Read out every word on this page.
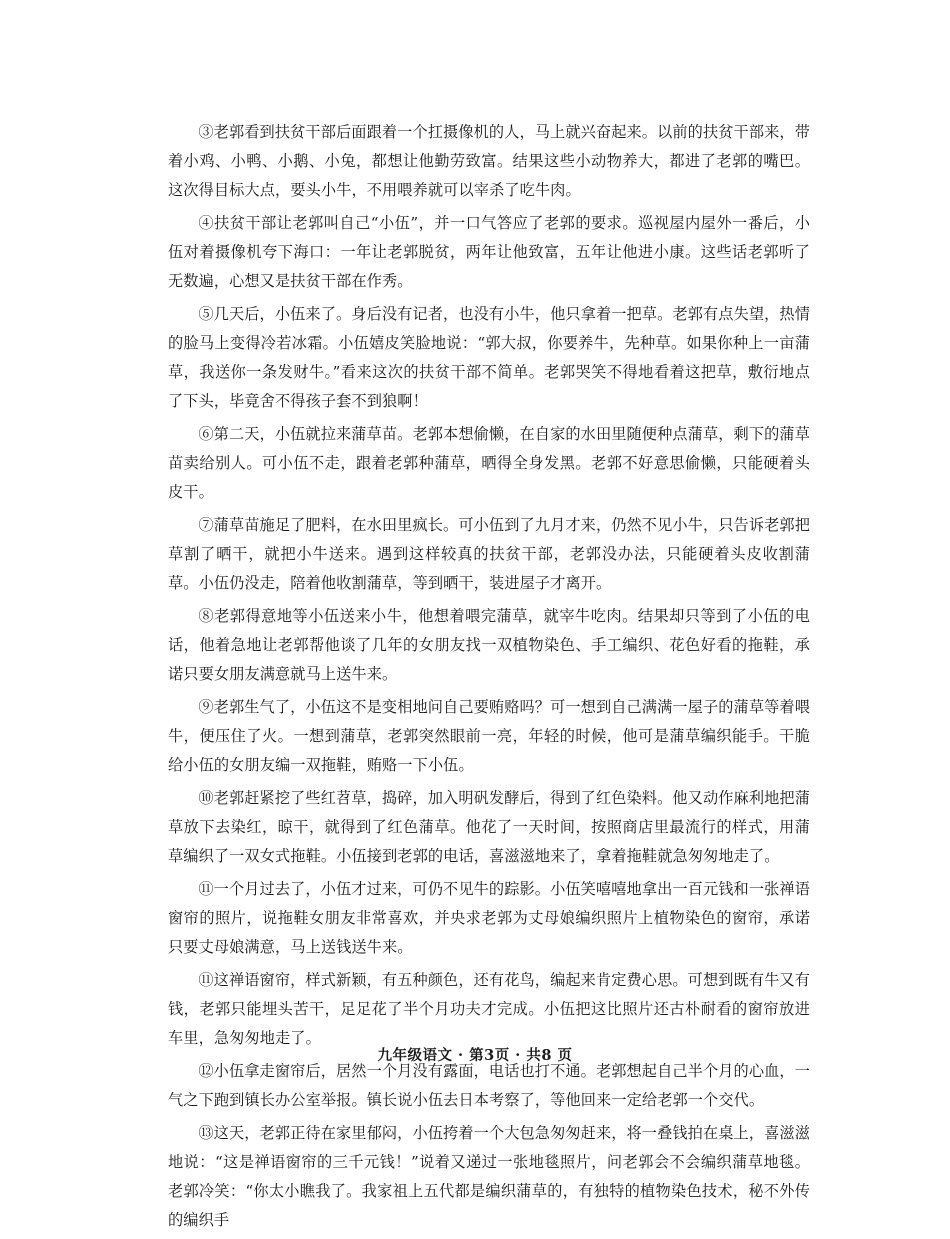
③老郭看到扶贫干部后面跟着一个扛摄像机的人，马上就兴奋起来。以前的扶贫干部来，带着小鸡、小鸭、小鹅、小兔，都想让他勤劳致富。结果这些小动物养大，都进了老郭的嘴巴。这次得目标大点，要头小牛，不用喂养就可以宰杀了吃牛肉。

④扶贫干部让老郭叫自己“小伍”，并一口气答应了老郭的要求。巡视屋内屋外一番后，小伍对着摄像机夸下海口：一年让老郭脱贫，两年让他致富，五年让他进小康。这些话老郭听了无数遍，心想又是扶贫干部在作秀。

⑤几天后，小伍来了。身后没有记者，也没有小牛，他只拿着一把草。老郭有点失望，热情的脸马上变得冷若冰霜。小伍嬉皮笑脸地说：“郭大叔，你要养牛，先种草。如果你种上一亩蒲草，我送你一条发财牛。”看来这次的扶贫干部不简单。老郭哭笑不得地看着这把草，敷衍地点了下头，毕竟舍不得孩子套不到狼啊！

⑥第二天，小伍就拉来蒲草苗。老郭本想偷懒，在自家的水田里随便种点蒲草，剩下的蒲草苗卖给别人。可小伍不走，跟着老郭种蒲草，晒得全身发黑。老郭不好意思偷懒，只能硬着头皮干。

⑦蒲草苗施足了肥料，在水田里疯长。可小伍到了九月才来，仍然不见小牛，只告诉老郭把草割了晒干，就把小牛送来。遇到这样较真的扶贫干部，老郭没办法，只能硬着头皮收割蒲草。小伍仍没走，陪着他收割蒲草，等到晒干，装进屋子才离开。

⑧老郭得意地等小伍送来小牛，他想着喂完蒲草，就宰牛吃肉。结果却只等到了小伍的电话，他着急地让老郭帮他谈了几年的女朋友找一双植物染色、手工编织、花色好看的拖鞋，承诺只要女朋友满意就马上送牛来。

⑨老郭生气了，小伍这不是变相地问自己要贿赂吗？可一想到自己满满一屋子的蒲草等着喂牛，便压住了火。一想到蒲草，老郭突然眼前一亮，年轻的时候，他可是蒲草编织能手。干脆给小伍的女朋友编一双拖鞋，贿赂一下小伍。

⑩老郭赶紧挖了些红苕草，捣碎，加入明矾发酵后，得到了红色染料。他又动作麻利地把蒲草放下去染红，晾干，就得到了红色蒲草。他花了一天时间，按照商店里最流行的样式，用蒲草编织了一双女式拖鞋。小伍接到老郭的电话，喜滋滋地来了，拿着拖鞋就急匆匆地走了。

⑪一个月过去了，小伍才过来，可仍不见牛的踪影。小伍笑嘻嘻地拿出一百元钱和一张禅语窗帘的照片，说拖鞋女朋友非常喜欢，并央求老郭为丈母娘编织照片上植物染色的窗帘，承诺只要丈母娘满意，马上送钱送牛来。

⑪这禅语窗帘，样式新颖，有五种颜色，还有花鸟，编起来肯定费心思。可想到既有牛又有钱，老郭只能埋头苦干，足足花了半个月功夫才完成。小伍把这比照片还古朴耐看的窗帘放进车里，急匆匆地走了。

⑫小伍拿走窗帘后，居然一个月没有露面，电话也打不通。老郭想起自己半个月的心血，一气之下跑到镇长办公室举报。镇长说小伍去日本考察了，等他回来一定给老郭一个交代。

⑬这天，老郭正待在家里郁闷，小伍挎着一个大包急匆匆赶来，将一叠钱拍在桌上，喜滋滋地说：“这是禅语窗帘的三千元钱！”说着又递过一张地毯照片，问老郭会不会编织蒲草地毯。老郭冷笑：“你太小瞧我了。我家祖上五代都是编织蒲草的，有独特的植物染色技术，秘不外传的编织手

九年级语文 · 第3页 · 共8 页
